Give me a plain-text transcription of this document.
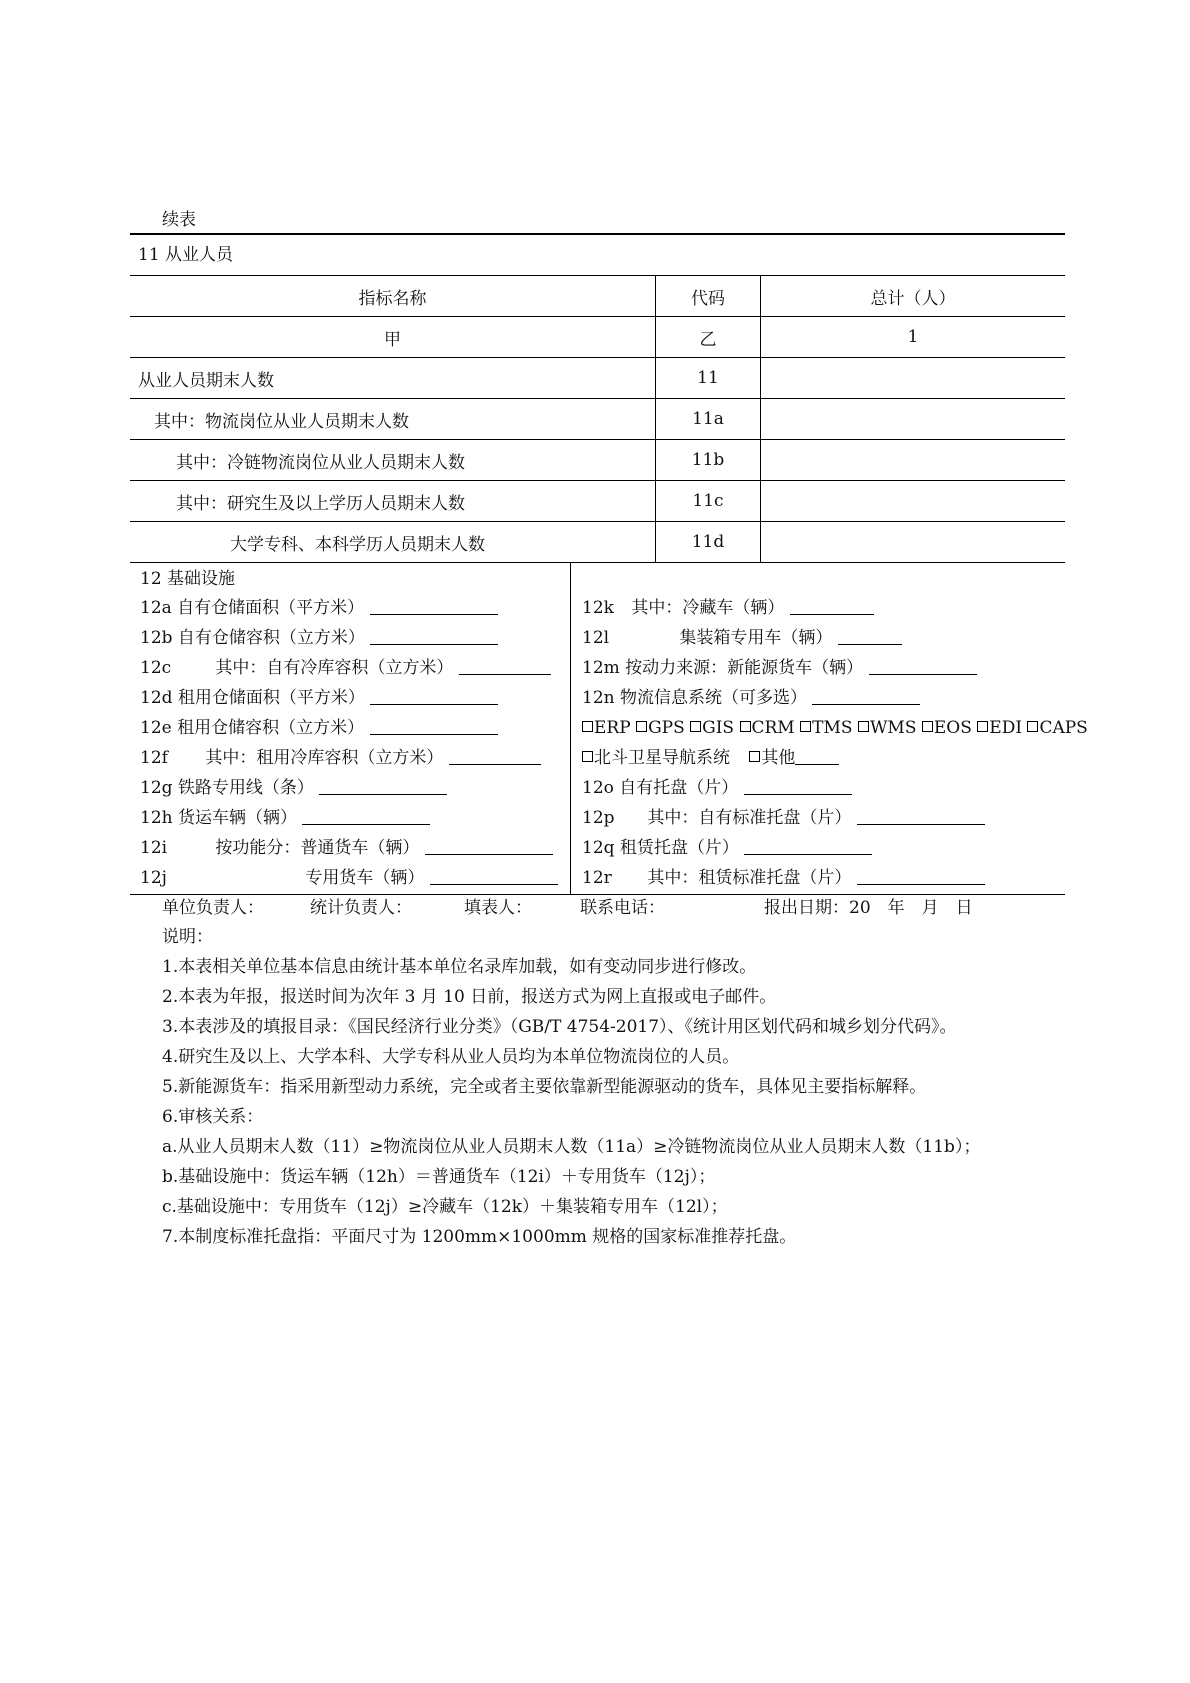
续表
11 从业人员
指标名称	代码	总计（人）
甲	乙	1
从业人员期末人数	11	
其中：物流岗位从业人员期末人数	11a	
其中：冷链物流岗位从业人员期末人数	11b	
其中：研究生及以上学历人员期末人数	11c	
大学专科、本科学历人员期末人数	11d	
12 基础设施
12a 自有仓储面积（平方米）
12b 自有仓储容积（立方米）
12c	其中：自有冷库容积（立方米）
12d 租用仓储面积（平方米）
12e 租用仓储容积（立方米）
12f 其中：租用冷库容积（立方米）
12g 铁路专用线（条）
12h 货运车辆（辆）
12i	按功能分：普通货车（辆）
12j	专用货车（辆）
12k 其中：冷藏车（辆）
12l	集装箱专用车（辆）
12m 按动力来源：新能源货车（辆）
12n 物流信息系统（可多选）
ERP GPS GIS CRM TMS WMS EOS EDI CAPS
北斗卫星导航系统 其他
12o 自有托盘（片）
12p 其中：自有标准托盘（片）
12q 租赁托盘（片）
12r 其中：租赁标准托盘（片）
单位负责人：	统计负责人：	填表人：	联系电话：	报出日期：20　年　月　日
说明：
1.本表相关单位基本信息由统计基本单位名录库加载，如有变动同步进行修改。
2.本表为年报，报送时间为次年 3 月 10 日前，报送方式为网上直报或电子邮件。
3.本表涉及的填报目录：《国民经济行业分类》（GB/T 4754-2017）、《统计用区划代码和城乡划分代码》。
4.研究生及以上、大学本科、大学专科从业人员均为本单位物流岗位的人员。
5.新能源货车：指采用新型动力系统，完全或者主要依靠新型能源驱动的货车，具体见主要指标解释。
6.审核关系：
a.从业人员期末人数（11）≥物流岗位从业人员期末人数（11a）≥冷链物流岗位从业人员期末人数（11b）；
b.基础设施中：货运车辆（12h）＝普通货车（12i）＋专用货车（12j）；
c.基础设施中：专用货车（12j）≥冷藏车（12k）＋集装箱专用车（12l）；
7.本制度标准托盘指：平面尺寸为 1200mm×1000mm 规格的国家标准推荐托盘。
